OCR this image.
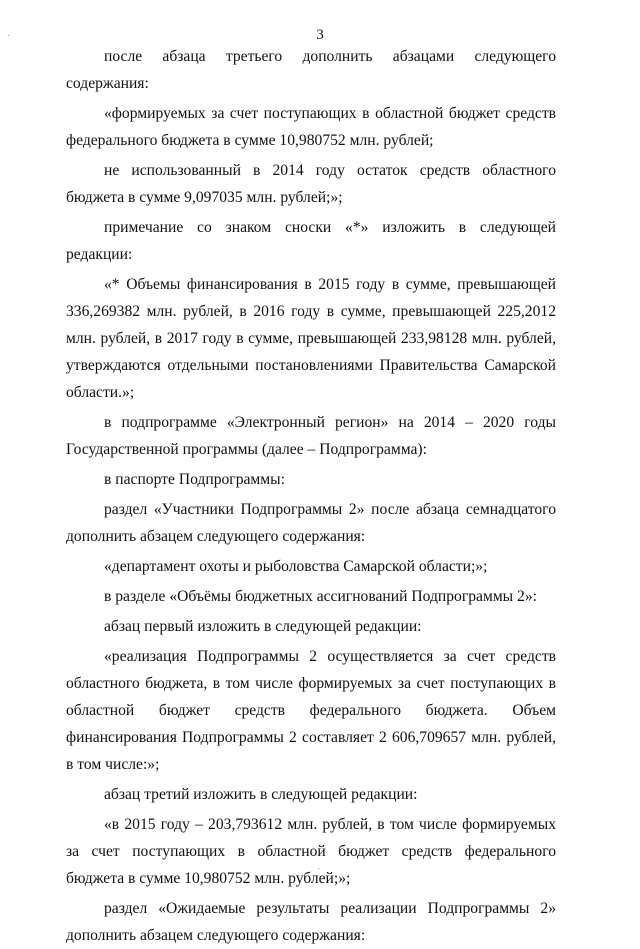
3

после абзаца третьего дополнить абзацами следующего содержания:

«формируемых за счет поступающих в областной бюджет средств федерального бюджета в сумме 10,980752 млн. рублей;

не использованный в 2014 году остаток средств областного бюджета в сумме 9,097035 млн. рублей;»;

примечание со знаком сноски «*» изложить в следующей редакции:

«* Объемы финансирования в 2015 году в сумме, превышающей 336,269382 млн. рублей, в 2016 году в сумме, превышающей 225,2012 млн. рублей, в 2017 году в сумме, превышающей 233,98128 млн. рублей, утверждаются отдельными постановлениями Правительства Самарской области.»;

в подпрограмме «Электронный регион» на 2014 – 2020 годы Государственной программы (далее – Подпрограмма):

в паспорте Подпрограммы:

раздел «Участники Подпрограммы 2» после абзаца семнадцатого дополнить абзацем следующего содержания:

«департамент охоты и рыболовства Самарской области;»;

в разделе «Объёмы бюджетных ассигнований Подпрограммы 2»:

абзац первый изложить в следующей редакции:

«реализация Подпрограммы 2 осуществляется за счет средств областного бюджета, в том числе формируемых за счет поступающих в областной бюджет средств федерального бюджета. Объем финансирования Подпрограммы 2 составляет 2 606,709657 млн. рублей, в том числе:»;

абзац третий изложить в следующей редакции:

«в 2015 году – 203,793612 млн. рублей, в том числе формируемых за счет поступающих в областной бюджет средств федерального бюджета в сумме 10,980752 млн. рублей;»;

раздел «Ожидаемые результаты реализации Подпрограммы 2» дополнить абзацем следующего содержания:
